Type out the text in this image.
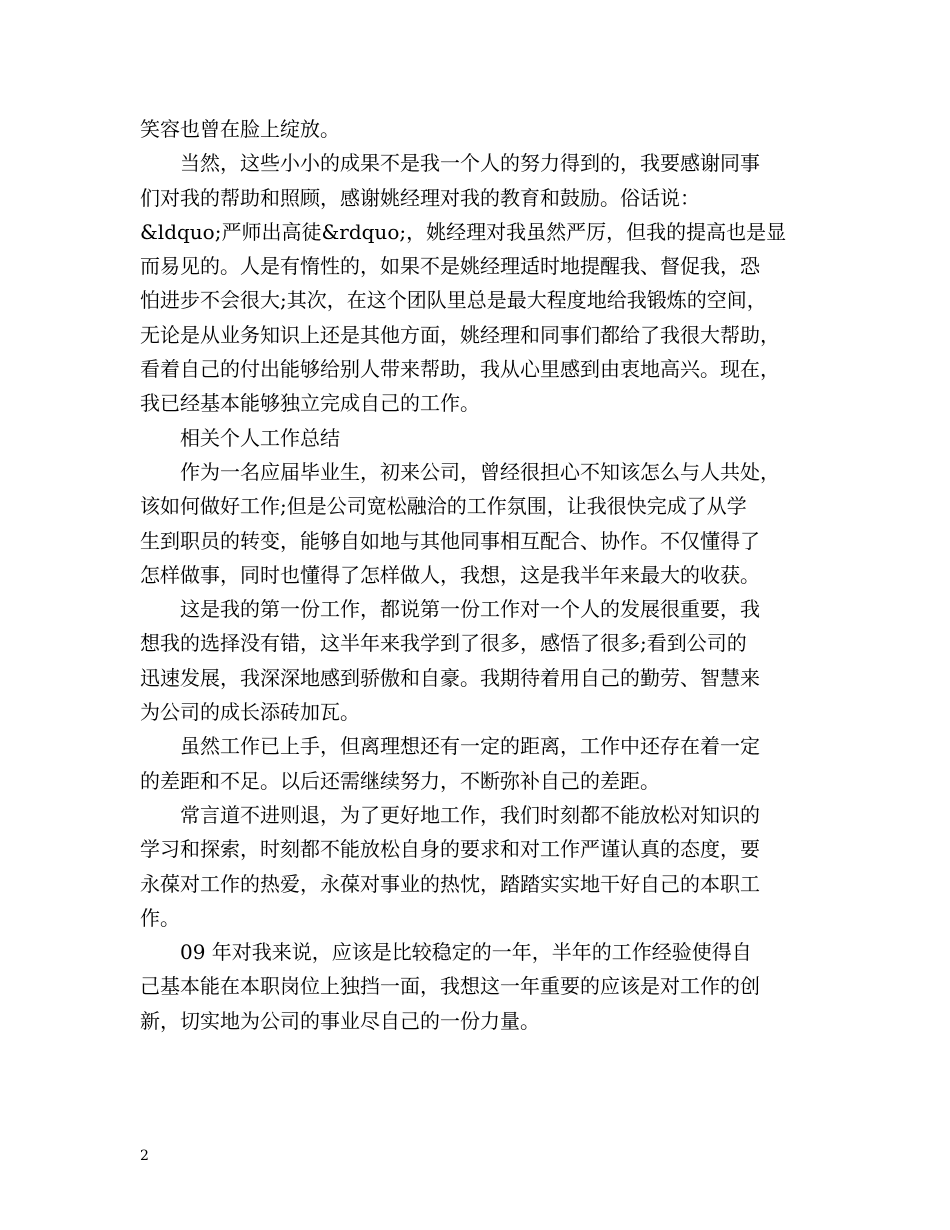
笑容也曾在脸上绽放。
当然，这些小小的成果不是我一个人的努力得到的，我要感谢同事
们对我的帮助和照顾，感谢姚经理对我的教育和鼓励。俗话说：
&ldquo;严师出高徒&rdquo;，姚经理对我虽然严厉，但我的提高也是显
而易见的。人是有惰性的，如果不是姚经理适时地提醒我、督促我，恐
怕进步不会很大;其次，在这个团队里总是最大程度地给我锻炼的空间，
无论是从业务知识上还是其他方面，姚经理和同事们都给了我很大帮助，
看着自己的付出能够给别人带来帮助，我从心里感到由衷地高兴。现在，
我已经基本能够独立完成自己的工作。
相关个人工作总结
作为一名应届毕业生，初来公司，曾经很担心不知该怎么与人共处，
该如何做好工作;但是公司宽松融洽的工作氛围，让我很快完成了从学
生到职员的转变，能够自如地与其他同事相互配合、协作。不仅懂得了
怎样做事，同时也懂得了怎样做人，我想，这是我半年来最大的收获。
这是我的第一份工作，都说第一份工作对一个人的发展很重要，我
想我的选择没有错，这半年来我学到了很多，感悟了很多;看到公司的
迅速发展，我深深地感到骄傲和自豪。我期待着用自己的勤劳、智慧来
为公司的成长添砖加瓦。
虽然工作已上手，但离理想还有一定的距离，工作中还存在着一定
的差距和不足。以后还需继续努力，不断弥补自己的差距。
常言道不进则退，为了更好地工作，我们时刻都不能放松对知识的
学习和探索，时刻都不能放松自身的要求和对工作严谨认真的态度，要
永葆对工作的热爱，永葆对事业的热忱，踏踏实实地干好自己的本职工
作。
09 年对我来说，应该是比较稳定的一年，半年的工作经验使得自
己基本能在本职岗位上独挡一面，我想这一年重要的应该是对工作的创
新，切实地为公司的事业尽自己的一份力量。
2
